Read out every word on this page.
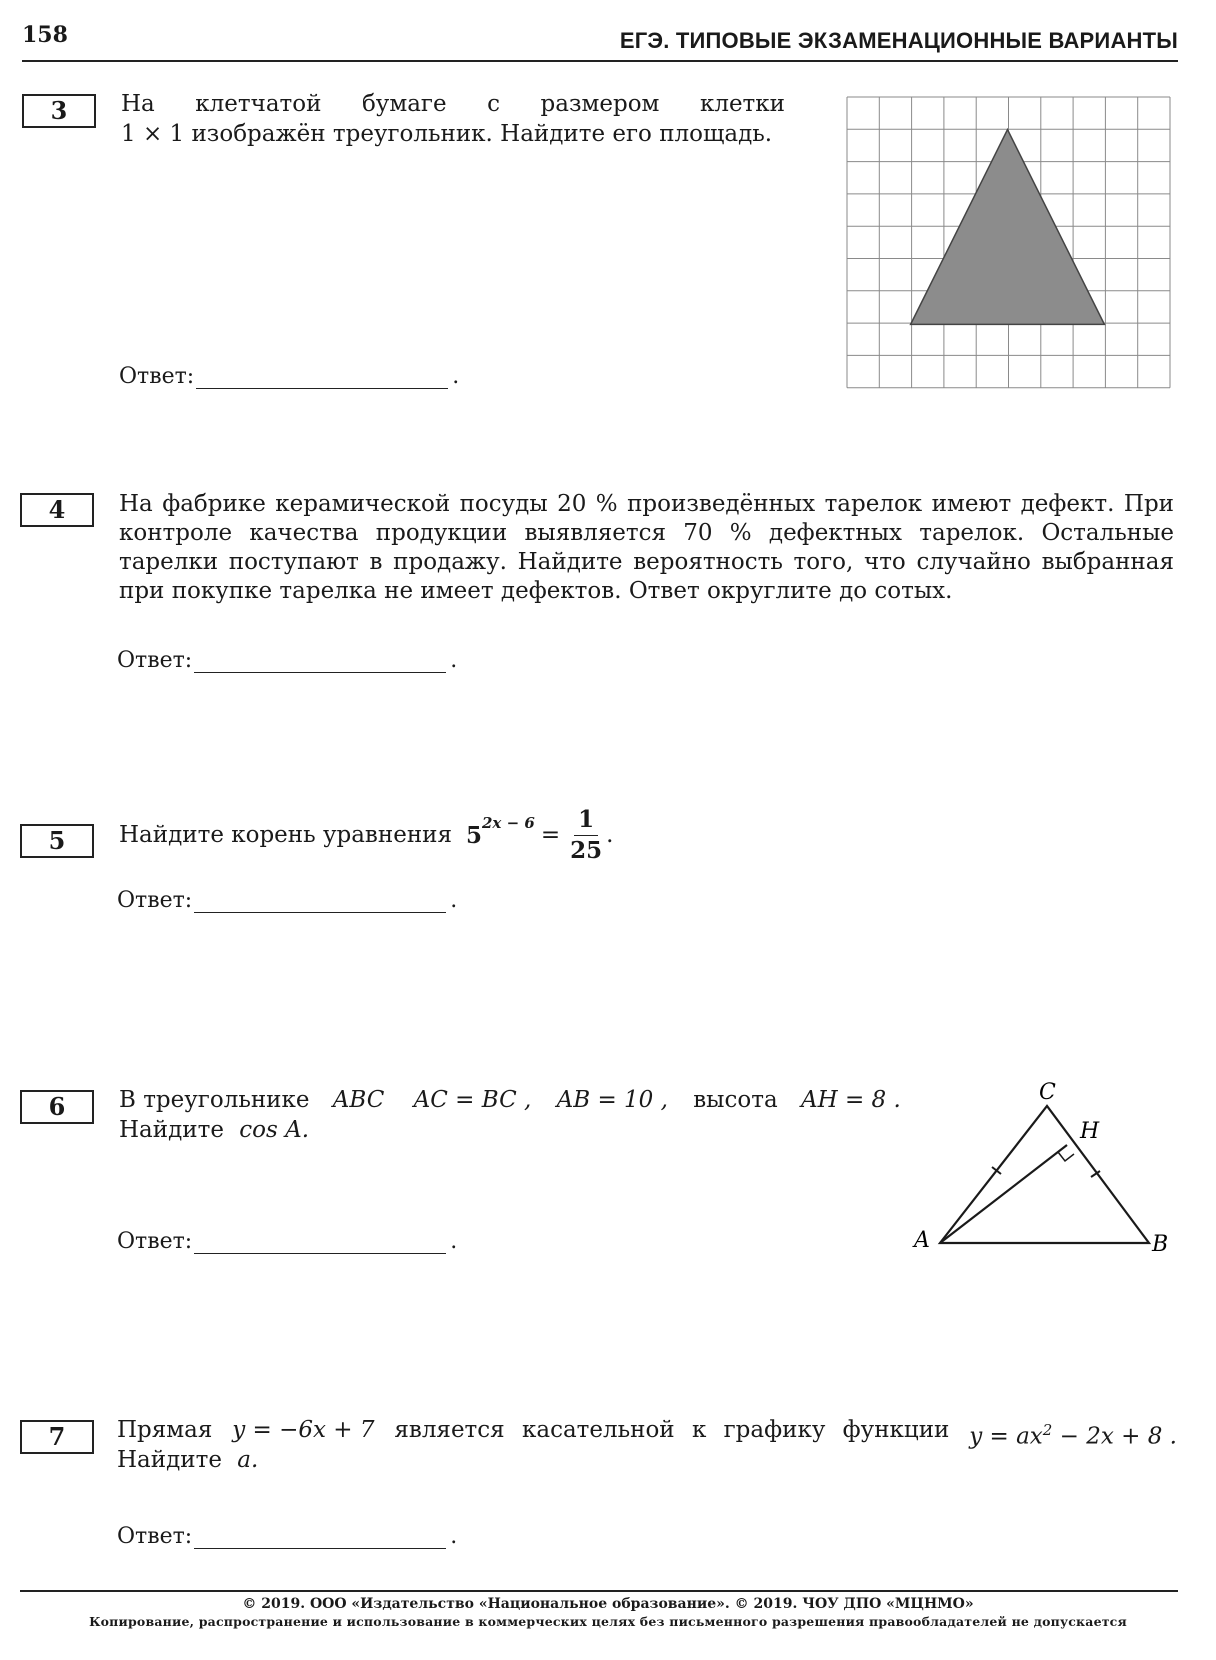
158	ЕГЭ. ТИПОВЫЕ ЭКЗАМЕНАЦИОННЫЕ ВАРИАНТЫ
3	На клетчатой бумаге с размером клетки
1 × 1 изображён треугольник. Найдите его площадь.
Ответ:	.
4	На фабрике керамической посуды 20 % произведённых тарелок имеют дефект. При
контроле качества продукции выявляется 70 % дефектных тарелок. Остальные
тарелки поступают в продажу. Найдите вероятность того, что случайно выбранная
при покупке тарелка не имеет дефектов. Ответ округлите до сотых.
Ответ:	.
5	Найдите корень уравнения $5^{2x - 6} = \frac{1}{25}$ .
Ответ:	.
6	В треугольнике ABC AC = BC , AB = 10 , высота AH = 8 .
Найдите cos A.
A	B
C
H
Ответ:	.
7	Прямая y = −6x + 7 является касательной к графику функции $y = ax^2 - 2x + 8$ .
Найдите a.
Ответ:	.
© 2019. ООО «Издательство «Национальное образование». © 2019. ЧОУ ДПО «МЦНМО»
Копирование, распространение и использование в коммерческих целях без письменного разрешения правообладателей не допускается
